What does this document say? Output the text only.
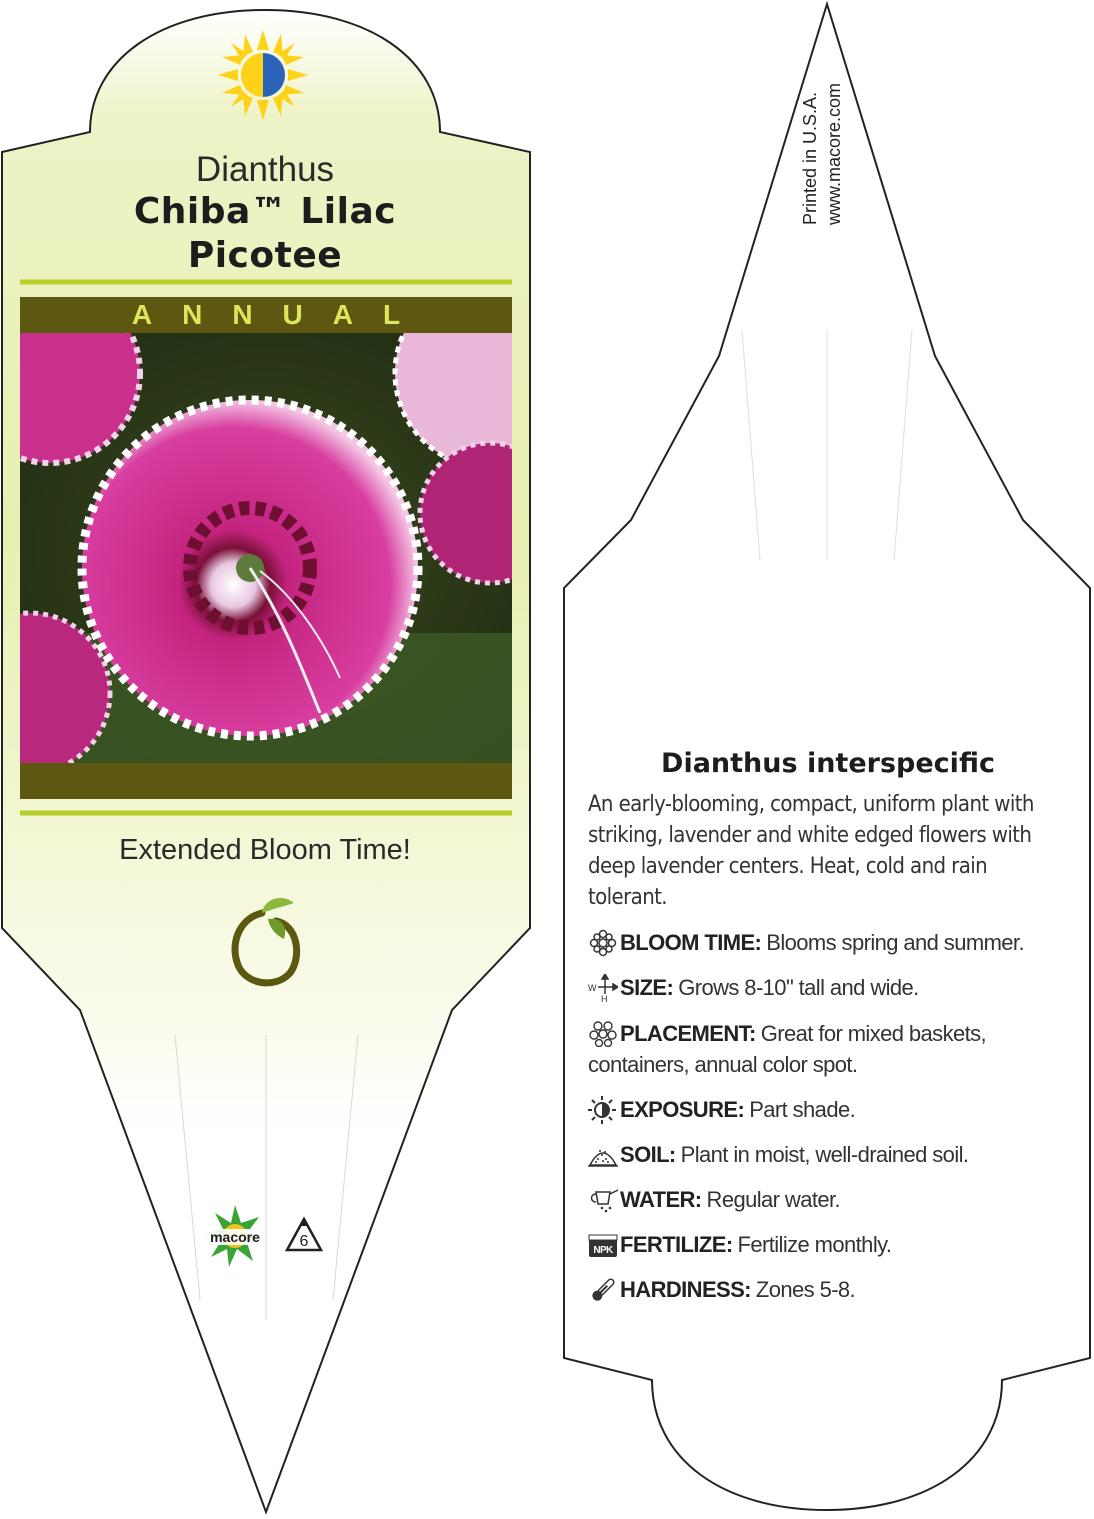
Dianthus
Chiba™ Lilac
Picotee
ANNUAL
Extended Bloom Time!
macore 6
Printed in U.S.A. www.macore.com
Dianthus interspecific
An early-blooming, compact, uniform plant with striking, lavender and white edged flowers with deep lavender centers. Heat, cold and rain tolerant.
BLOOM TIME: Blooms spring and summer.
W
H SIZE: Grows 8-10" tall and wide.
PLACEMENT: Great for mixed baskets, containers, annual color spot.
EXPOSURE: Part shade.
SOIL: Plant in moist, well-drained soil.
WATER: Regular water.
NPK FERTILIZE: Fertilize monthly.
HARDINESS: Zones 5-8.
